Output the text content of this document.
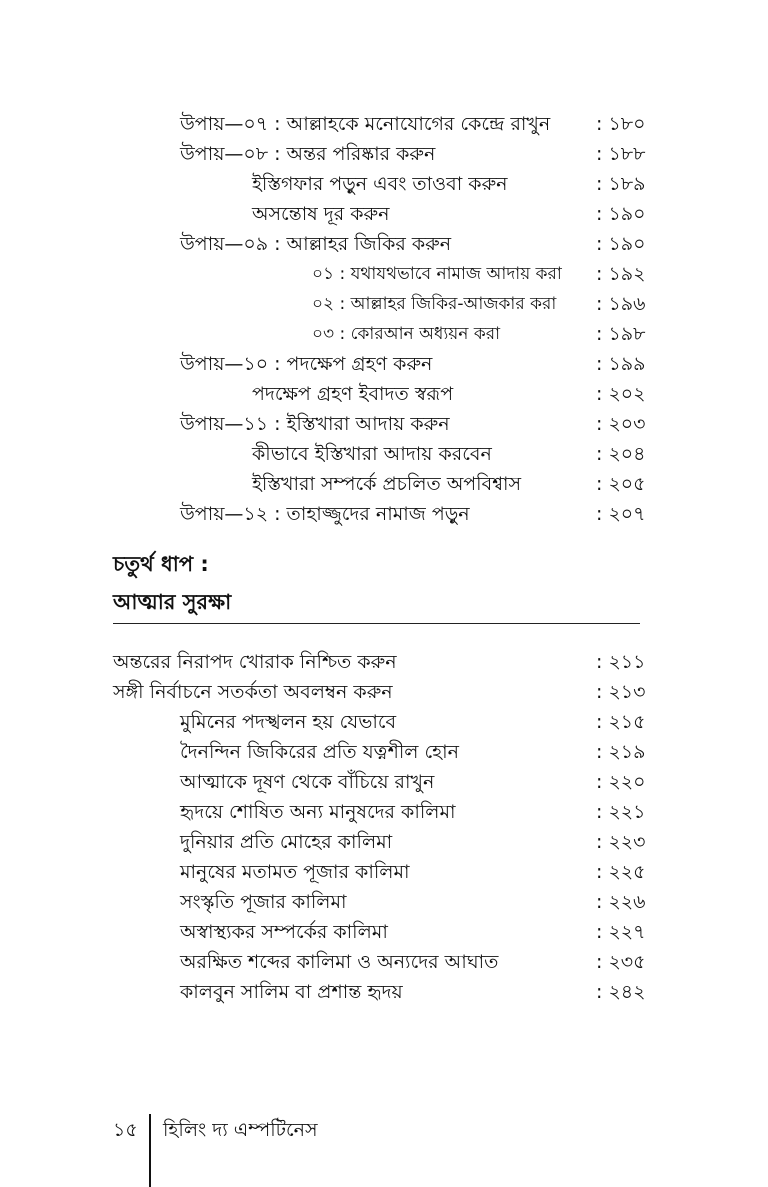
উপায়—০৭ : আল্লাহকে মনোযোগের কেন্দ্রে রাখুন : ১৮০
উপায়—০৮ : অন্তর পরিষ্কার করুন	: ১৮৮
ইস্তিগফার পড়ুন এবং তাওবা করুন	: ১৮৯
অসন্তোষ দূর করুন	: ১৯০
উপায়—০৯ : আল্লাহর জিকির করুন	: ১৯০
০১ : যথাযথভাবে নামাজ আদায় করা : ১৯২
০২ : আল্লাহর জিকির-আজকার করা : ১৯৬
০৩ : কোরআন অধ্যয়ন করা	: ১৯৮
উপায়—১০ : পদক্ষেপ গ্রহণ করুন	: ১৯৯
পদক্ষেপ গ্রহণ ইবাদত স্বরূপ	: ২০২
উপায়—১১ : ইস্তিখারা আদায় করুন	: ২০৩
কীভাবে ইস্তিখারা আদায় করবেন	: ২০৪
ইস্তিখারা সম্পর্কে প্রচলিত অপবিশ্বাস	: ২০৫
উপায়—১২ : তাহাজ্জুদের নামাজ পড়ুন	: ২০৭
চতুর্থ ধাপ :
আত্মার সুরক্ষা
অন্তরের নিরাপদ খোরাক নিশ্চিত করুন	: ২১১
সঙ্গী নির্বাচনে সতর্কতা অবলম্বন করুন	: ২১৩
মুমিনের পদস্খলন হয় যেভাবে	: ২১৫
দৈনন্দিন জিকিরের প্রতি যত্নশীল হোন	: ২১৯
আত্মাকে দূষণ থেকে বাঁচিয়ে রাখুন	: ২২০
হৃদয়ে শোষিত অন্য মানুষদের কালিমা	: ২২১
দুনিয়ার প্রতি মোহের কালিমা	: ২২৩
মানুষের মতামত পূজার কালিমা	: ২২৫
সংস্কৃতি পূজার কালিমা	: ২২৬
অস্বাস্থ্যকর সম্পর্কের কালিমা	: ২২৭
অরক্ষিত শব্দের কালিমা ও অন্যদের আঘাত	: ২৩৫
কালবুন সালিম বা প্রশান্ত হৃদয়	: ২৪২
১৫ হিলিং দ্য এম্পটিনেস
